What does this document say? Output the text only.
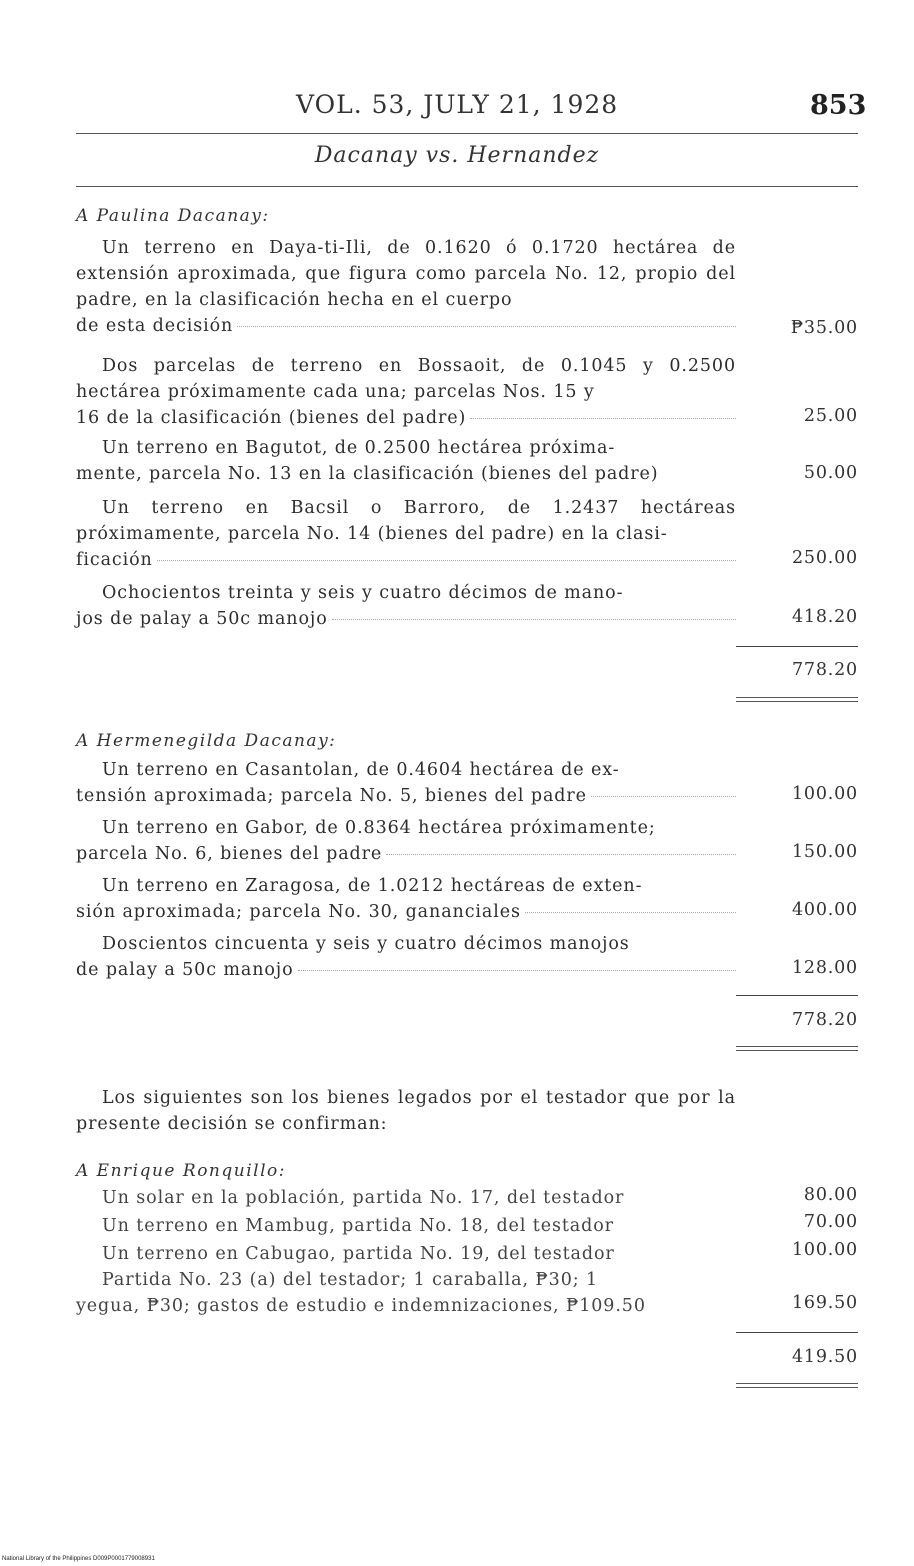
VOL. 53, JULY 21, 1928	853
Dacanay vs. Hernandez
A Paulina Dacanay:

Un terreno en Daya-ti-Ili, de 0.1620 ó 0.1720 hectárea de extensión aproximada, que figura como parcela No. 12, propio del padre, en la clasificación hecha en el cuerpo

de esta decisión	₱35.00

Dos parcelas de terreno en Bossaoit, de 0.1045 y 0.2500 hectárea próximamente cada una; parcelas Nos. 15 y

16 de la clasificación (bienes del padre)	25.00

Un terreno en Bagutot, de 0.2500 hectárea próxima-

mente, parcela No. 13 en la clasificación (bienes del padre)	50.00

Un terreno en Bacsil o Barroro, de 1.2437 hectáreas próximamente, parcela No. 14 (bienes del padre) en la clasi-

ficación	250.00

Ochocientos treinta y seis y cuatro décimos de mano-

jos de palay a 50c manojo	418.20
778.20
A Hermenegilda Dacanay:

Un terreno en Casantolan, de 0.4604 hectárea de ex-

tensión aproximada; parcela No. 5, bienes del padre	100.00

Un terreno en Gabor, de 0.8364 hectárea próximamente;

parcela No. 6, bienes del padre	150.00

Un terreno en Zaragosa, de 1.0212 hectáreas de exten-

sión aproximada; parcela No. 30, gananciales	400.00

Doscientos cincuenta y seis y cuatro décimos manojos

de palay a 50c manojo	128.00
778.20

Los siguientes son los bienes legados por el testador que por la presente decisión se confirman:

A Enrique Ronquillo:
Un solar en la población, partida No. 17, del testador	80.00
Un terreno en Mambug, partida No. 18, del testador	70.00
Un terreno en Cabugao, partida No. 19, del testador	100.00
Partida No. 23 (a) del testador; 1 caraballa, ₱30; 1
yegua, ₱30; gastos de estudio e indemnizaciones, ₱109.50	169.50
419.50
National Library of the Philippines D009P0001779008931
